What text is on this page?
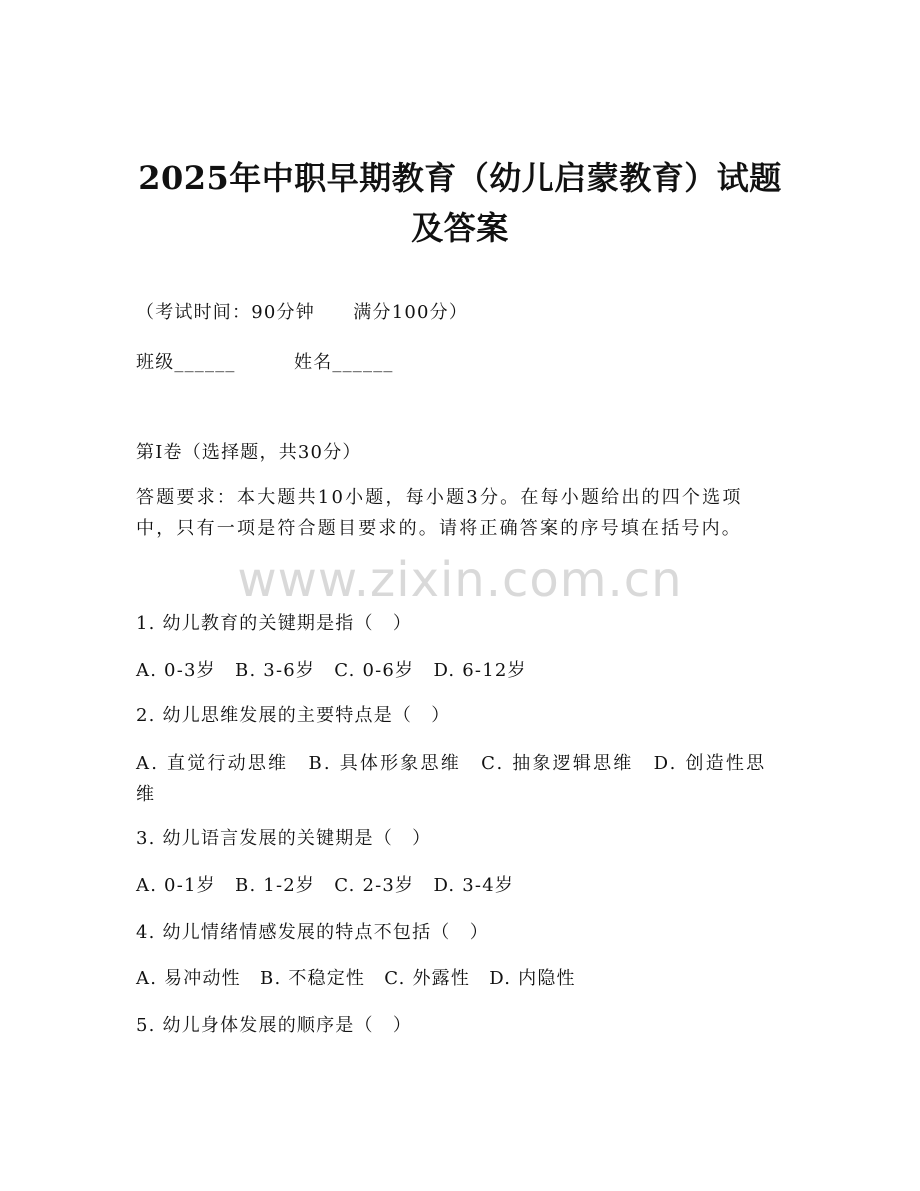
2025年中职早期教育（幼儿启蒙教育）试题
及答案
（考试时间：90分钟　　满分100分）
班级______	姓名______
第I卷（选择题，共30分）
答题要求：本大题共10小题，每小题3分。在每小题给出的四个选项中，只有一项是符合题目要求的。请将正确答案的序号填在括号内。
www.zixin.com.cn
1. 幼儿教育的关键期是指（　）
A. 0-3岁　B. 3-6岁　C. 0-6岁　D. 6-12岁
2. 幼儿思维发展的主要特点是（　）
A. 直觉行动思维　B. 具体形象思维　C. 抽象逻辑思维　D. 创造性思维
3. 幼儿语言发展的关键期是（　）
A. 0-1岁　B. 1-2岁　C. 2-3岁　D. 3-4岁
4. 幼儿情绪情感发展的特点不包括（　）
A. 易冲动性　B. 不稳定性　C. 外露性　D. 内隐性
5. 幼儿身体发展的顺序是（　）
